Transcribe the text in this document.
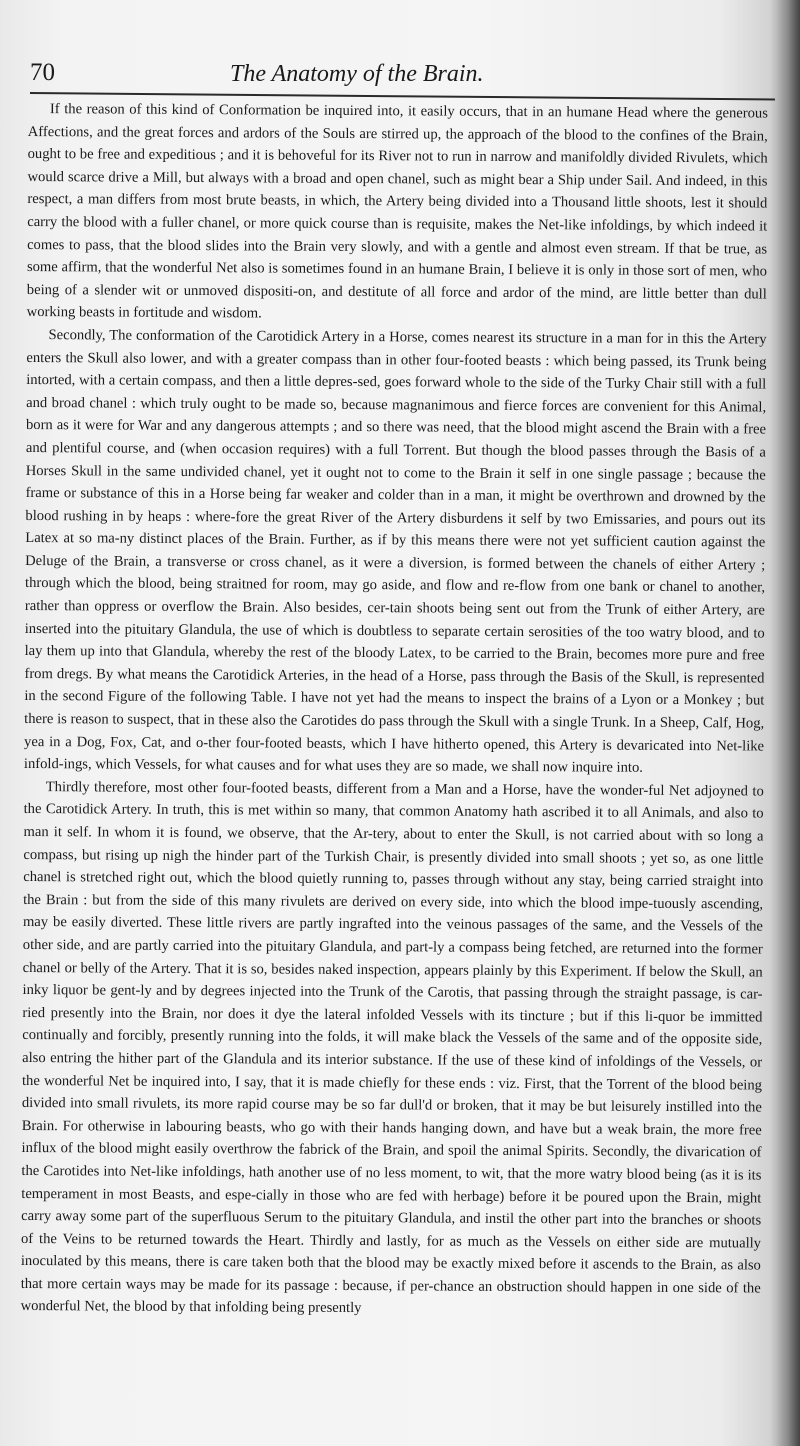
70	The Anatomy of the Brain.

If the reason of this kind of Conformation be inquired into, it easily occurs, that in an humane Head where the generous Affections, and the great forces and ardors of the Souls are stirred up, the approach of the blood to the confines of the Brain, ought to be free and expeditious ; and it is behoveful for its River not to run in narrow and manifoldly divided Rivulets, which would scarce drive a Mill, but always with a broad and open chanel, such as might bear a Ship under Sail. And indeed, in this respect, a man differs from most brute beasts, in which, the Artery being divided into a Thousand little shoots, lest it should carry the blood with a fuller chanel, or more quick course than is requisite, makes the Net-like infoldings, by which indeed it comes to pass, that the blood slides into the Brain very slowly, and with a gentle and almost even stream. If that be true, as some affirm, that the wonderful Net also is sometimes found in an humane Brain, I believe it is only in those sort of men, who being of a slender wit or unmoved dispositi-on, and destitute of all force and ardor of the mind, are little better than dull working beasts in fortitude and wisdom.

Secondly, The conformation of the Carotidick Artery in a Horse, comes nearest its structure in a man for in this the Artery enters the Skull also lower, and with a greater compass than in other four-footed beasts : which being passed, its Trunk being intorted, with a certain compass, and then a little depres-sed, goes forward whole to the side of the Turky Chair still with a full and broad chanel : which truly ought to be made so, because magnanimous and fierce forces are convenient for this Animal, born as it were for War and any dangerous attempts ; and so there was need, that the blood might ascend the Brain with a free and plentiful course, and (when occasion requires) with a full Torrent. But though the blood passes through the Basis of a Horses Skull in the same undivided chanel, yet it ought not to come to the Brain it self in one single passage ; because the frame or substance of this in a Horse being far weaker and colder than in a man, it might be overthrown and drowned by the blood rushing in by heaps : where-fore the great River of the Artery disburdens it self by two Emissaries, and pours out its Latex at so ma-ny distinct places of the Brain. Further, as if by this means there were not yet sufficient caution against the Deluge of the Brain, a transverse or cross chanel, as it were a diversion, is formed between the chanels of either Artery ; through which the blood, being straitned for room, may go aside, and flow and re-flow from one bank or chanel to another, rather than oppress or overflow the Brain. Also besides, cer-tain shoots being sent out from the Trunk of either Artery, are inserted into the pituitary Glandula, the use of which is doubtless to separate certain serosities of the too watry blood, and to lay them up into that Glandula, whereby the rest of the bloody Latex, to be carried to the Brain, becomes more pure and free from dregs. By what means the Carotidick Arteries, in the head of a Horse, pass through the Basis of the Skull, is represented in the second Figure of the following Table. I have not yet had the means to inspect the brains of a Lyon or a Monkey ; but there is reason to suspect, that in these also the Carotides do pass through the Skull with a single Trunk. In a Sheep, Calf, Hog, yea in a Dog, Fox, Cat, and o-ther four-footed beasts, which I have hitherto opened, this Artery is devaricated into Net-like infold-ings, which Vessels, for what causes and for what uses they are so made, we shall now inquire into.

Thirdly therefore, most other four-footed beasts, different from a Man and a Horse, have the wonder-ful Net adjoyned to the Carotidick Artery. In truth, this is met within so many, that common Anatomy hath ascribed it to all Animals, and also to man it self. In whom it is found, we observe, that the Ar-tery, about to enter the Skull, is not carried about with so long a compass, but rising up nigh the hinder part of the Turkish Chair, is presently divided into small shoots ; yet so, as one little chanel is stretched right out, which the blood quietly running to, passes through without any stay, being carried straight into the Brain : but from the side of this many rivulets are derived on every side, into which the blood impe-tuously ascending, may be easily diverted. These little rivers are partly ingrafted into the veinous passages of the same, and the Vessels of the other side, and are partly carried into the pituitary Glandula, and part-ly a compass being fetched, are returned into the former chanel or belly of the Artery. That it is so, besides naked inspection, appears plainly by this Experiment. If below the Skull, an inky liquor be gent-ly and by degrees injected into the Trunk of the Carotis, that passing through the straight passage, is car-ried presently into the Brain, nor does it dye the lateral infolded Vessels with its tincture ; but if this li-quor be immitted continually and forcibly, presently running into the folds, it will make black the Vessels of the same and of the opposite side, also entring the hither part of the Glandula and its interior substance. If the use of these kind of infoldings of the Vessels, or the wonderful Net be inquired into, I say, that it is made chiefly for these ends : viz. First, that the Torrent of the blood being divided into small rivulets, its more rapid course may be so far dull'd or broken, that it may be but leisurely instilled into the Brain. For otherwise in labouring beasts, who go with their hands hanging down, and have but a weak brain, the more free influx of the blood might easily overthrow the fabrick of the Brain, and spoil the animal Spirits. Secondly, the divarication of the Carotides into Net-like infoldings, hath another use of no less moment, to wit, that the more watry blood being (as it is its temperament in most Beasts, and espe-cially in those who are fed with herbage) before it be poured upon the Brain, might carry away some part of the superfluous Serum to the pituitary Glandula, and instil the other part into the branches or shoots of the Veins to be returned towards the Heart. Thirdly and lastly, for as much as the Vessels on either side are mutually inoculated by this means, there is care taken both that the blood may be exactly mixed before it ascends to the Brain, as also that more certain ways may be made for its passage : because, if per-chance an obstruction should happen in one side of the wonderful Net, the blood by that infolding being presently
